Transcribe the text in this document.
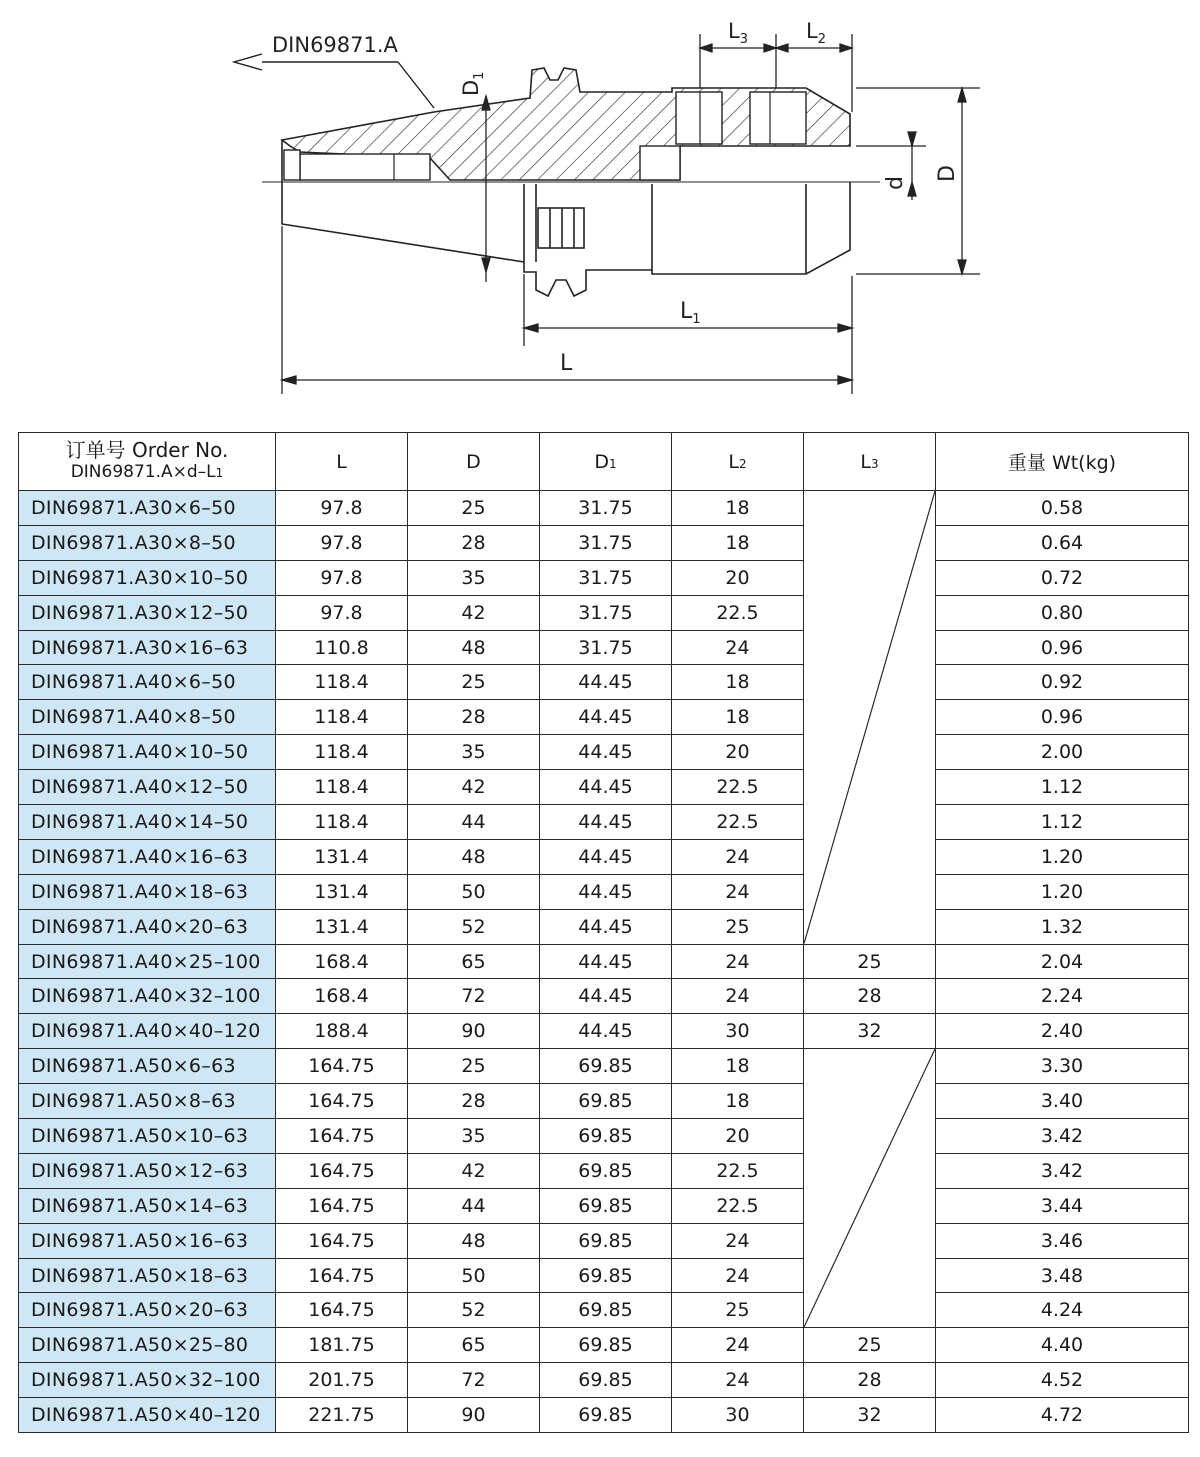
DIN69871.A
L
$L_1$
$L_3$	$L_2$
D
d
$D_1$
订单号 Order No.
DIN69871.A×d–L1	L	D	D1	L2	L3	重量 Wt(kg)
DIN69871.A30×6–50	97.8	25	31.75	18		0.58
DIN69871.A30×8–50	97.8	28	31.75	18		0.64
DIN69871.A30×10–50	97.8	35	31.75	20		0.72
DIN69871.A30×12–50	97.8	42	31.75	22.5		0.80
DIN69871.A30×16–63	110.8	48	31.75	24		0.96
DIN69871.A40×6–50	118.4	25	44.45	18		0.92
DIN69871.A40×8–50	118.4	28	44.45	18		0.96
DIN69871.A40×10–50	118.4	35	44.45	20		2.00
DIN69871.A40×12–50	118.4	42	44.45	22.5		1.12
DIN69871.A40×14–50	118.4	44	44.45	22.5		1.12
DIN69871.A40×16–63	131.4	48	44.45	24		1.20
DIN69871.A40×18–63	131.4	50	44.45	24		1.20
DIN69871.A40×20–63	131.4	52	44.45	25		1.32
DIN69871.A40×25–100	168.4	65	44.45	24	25	2.04
DIN69871.A40×32–100	168.4	72	44.45	24	28	2.24
DIN69871.A40×40–120	188.4	90	44.45	30	32	2.40
DIN69871.A50×6–63	164.75	25	69.85	18		3.30
DIN69871.A50×8–63	164.75	28	69.85	18		3.40
DIN69871.A50×10–63	164.75	35	69.85	20		3.42
DIN69871.A50×12–63	164.75	42	69.85	22.5		3.42
DIN69871.A50×14–63	164.75	44	69.85	22.5		3.44
DIN69871.A50×16–63	164.75	48	69.85	24		3.46
DIN69871.A50×18–63	164.75	50	69.85	24		3.48
DIN69871.A50×20–63	164.75	52	69.85	25		4.24
DIN69871.A50×25–80	181.75	65	69.85	24	25	4.40
DIN69871.A50×32–100	201.75	72	69.85	24	28	4.52
DIN69871.A50×40–120	221.75	90	69.85	30	32	4.72
